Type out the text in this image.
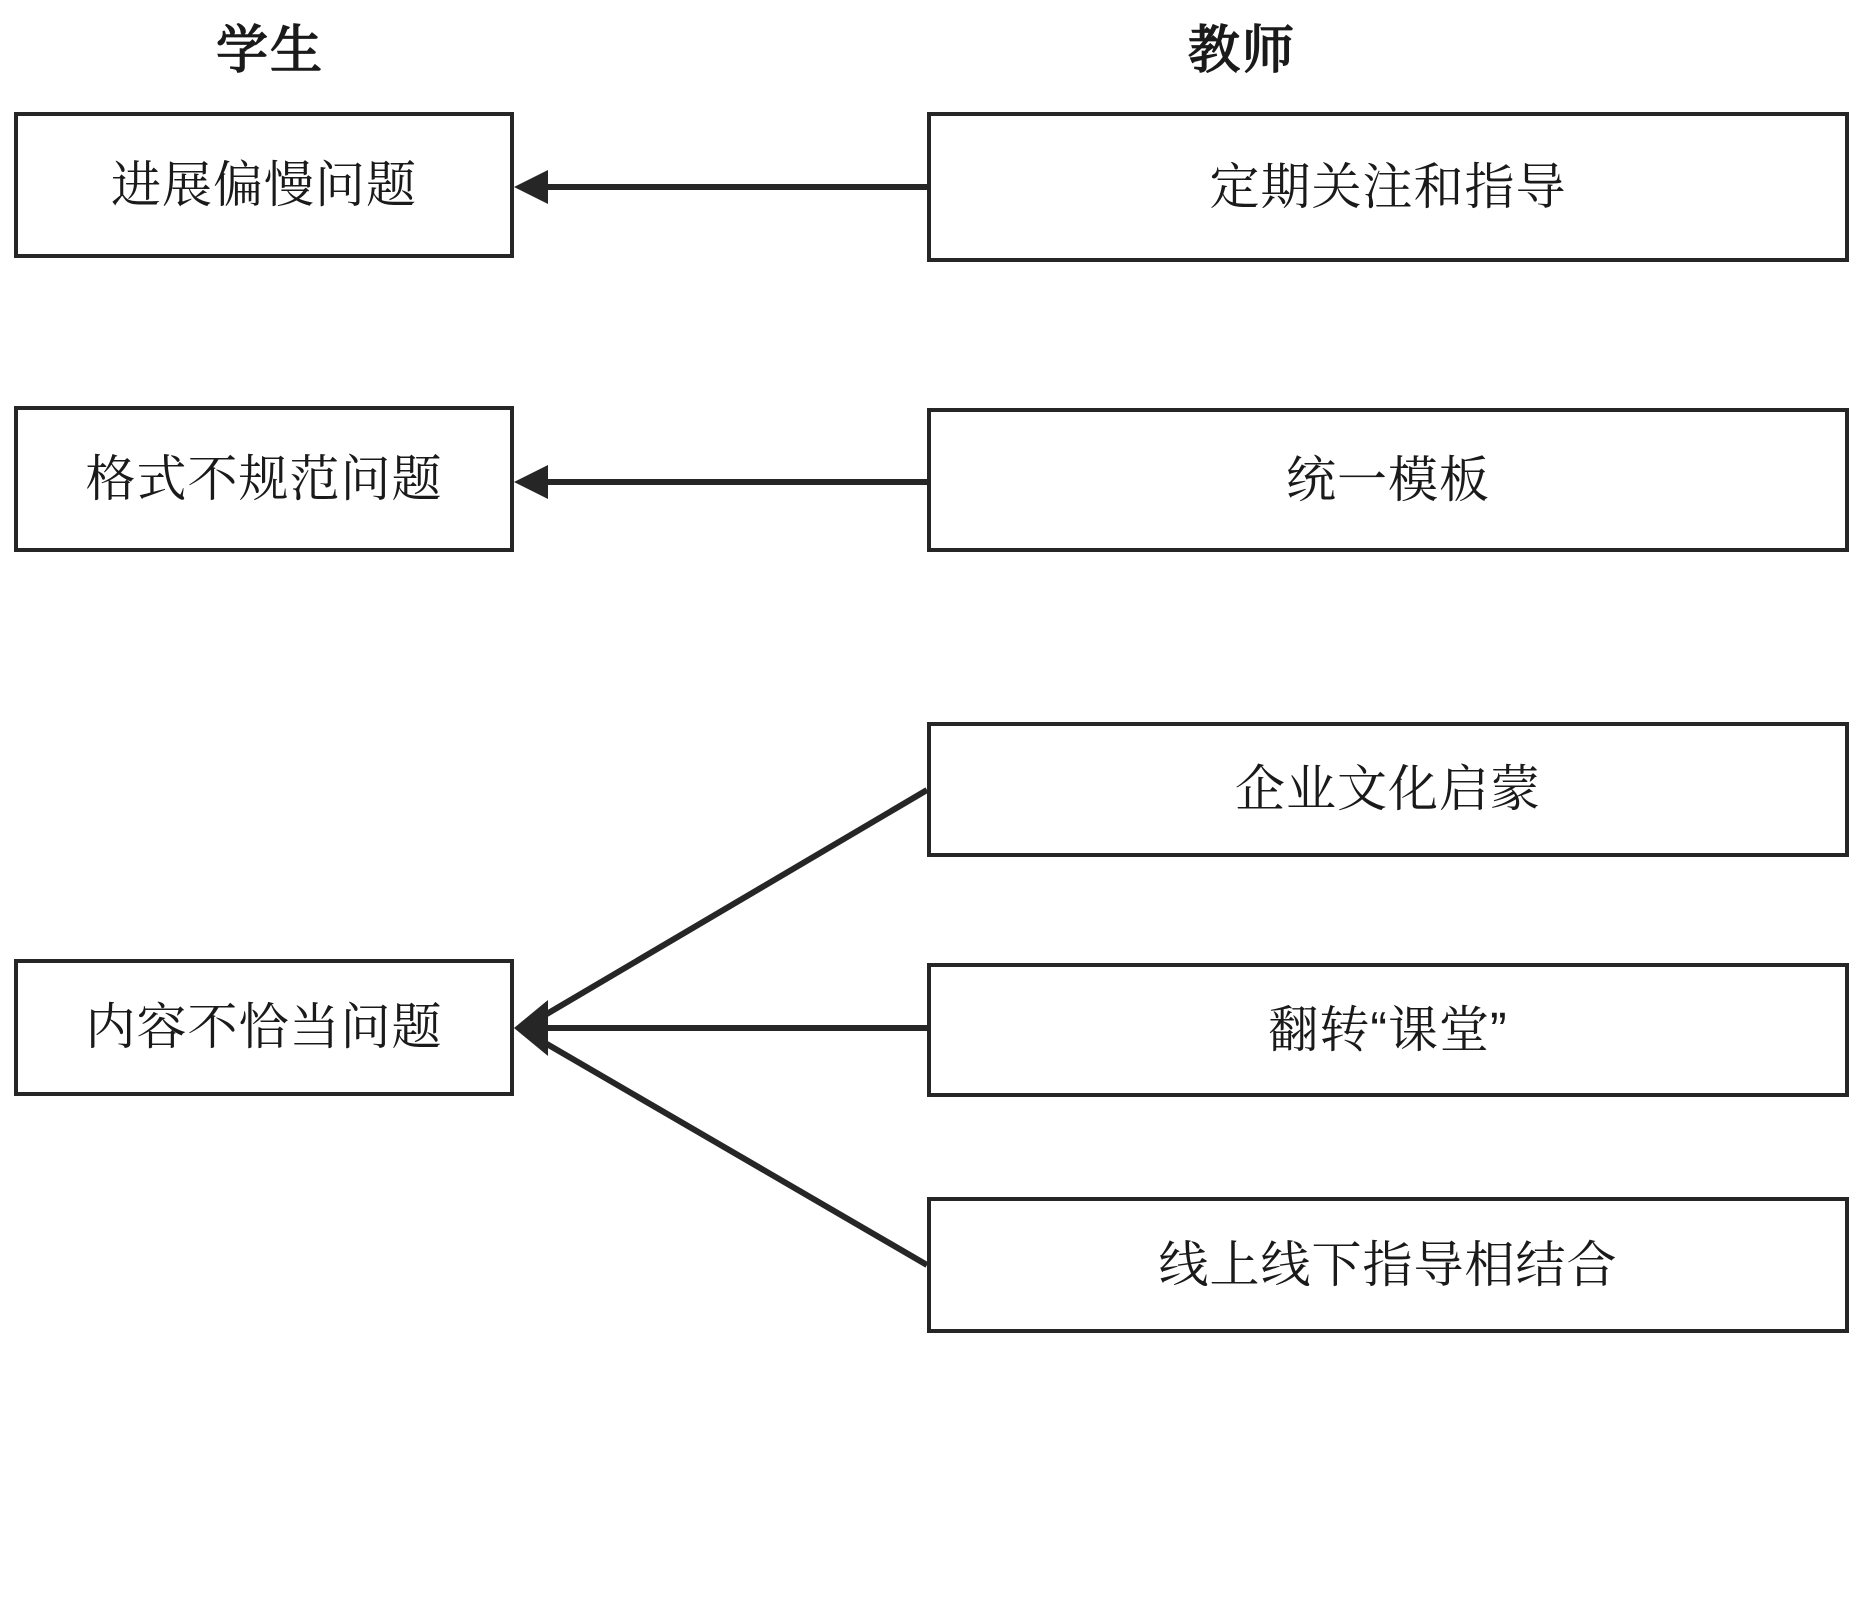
学生	教师
进展偏慢问题
格式不规范问题
内容不恰当问题
定期关注和指导
统一模板
企业文化启蒙
翻转“课堂”
线上线下指导相结合
